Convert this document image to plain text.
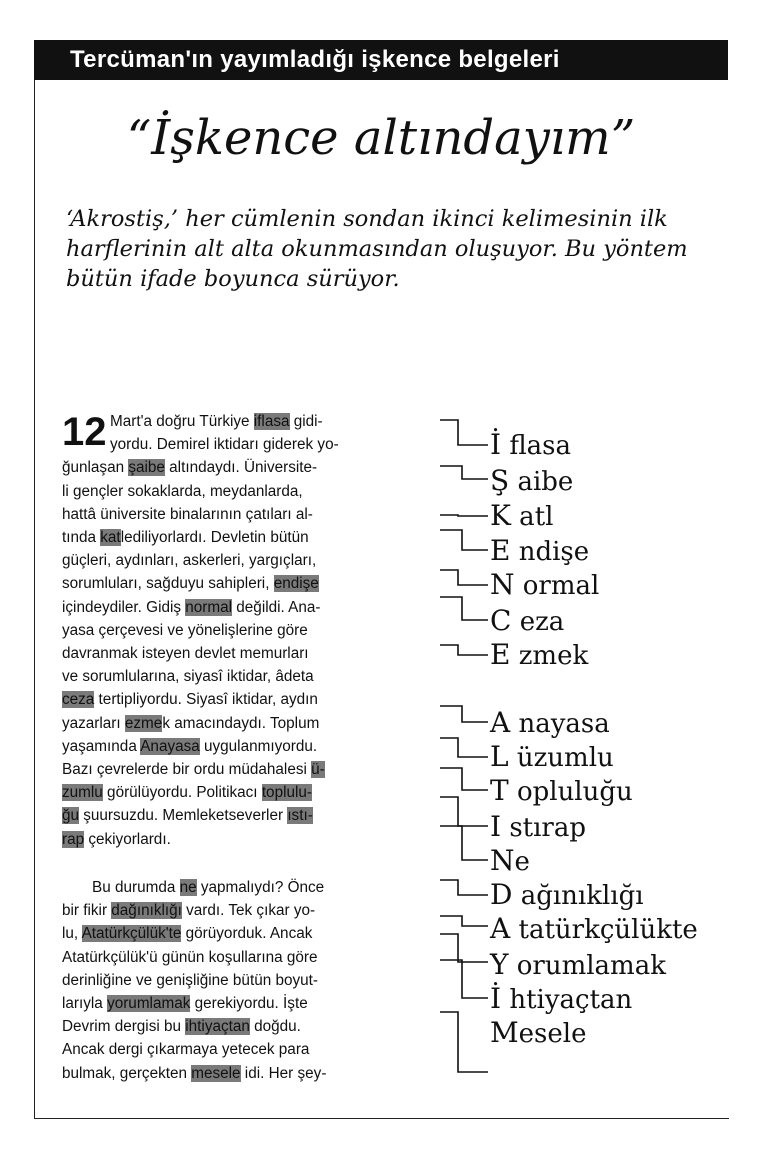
Tercüman'ın yayımladığı işkence belgeleri
“İşkence altındayım”
‘Akrostiş,’ her cümlenin sondan ikinci kelimesinin ilk harflerinin alt alta okunmasından oluşuyor. Bu yöntem bütün ifade boyunca sürüyor.
12 Mart'a doğru Türkiye iflasa gidi-
yordu. Demirel iktidarı giderek yo-
ğunlaşan şaibe altındaydı. Üniversite-
li gençler sokaklarda, meydanlarda,
hattâ üniversite binalarının çatıları al-
tında katlediliyorlardı. Devletin bütün
güçleri, aydınları, askerleri, yargıçları,
sorumluları, sağduyu sahipleri, endişe
içindeydiler. Gidiş normal değildi. Ana-
yasa çerçevesi ve yönelişlerine göre
davranmak isteyen devlet memurları
ve sorumlularına, siyasî iktidar, âdeta
ceza tertipliyordu. Siyasî iktidar, aydın
yazarları ezmek amacındaydı. Toplum
yaşamında Anayasa uygulanmıyordu.
Bazı çevrelerde bir ordu müdahalesi ü-
zumlu görülüyordu. Politikacı toplulu-
ğu şuursuzdu. Memleketseverler ıstı-
rap çekiyorlardı.
Bu durumda ne yapmalıydı? Önce
bir fikir dağınıklığı vardı. Tek çıkar yo-
lu, Atatürkçülük'te görüyorduk. Ancak
Atatürkçülük'ü günün koşullarına göre
derinliğine ve genişliğine bütün boyut-
larıyla yorumlamak gerekiyordu. İşte
Devrim dergisi bu ihtiyaçtan doğdu.
Ancak dergi çıkarmaya yetecek para
bulmak, gerçekten mesele idi. Her şey-
İ flasa
Ş aibe
K atl
E ndişe
N ormal
C eza
E zmek
A nayasa
L üzumlu
T opluluğu
I stırap
Ne
D ağınıklığı
A tatürkçülükte
Y orumlamak
İ htiyaçtan
Mesele
